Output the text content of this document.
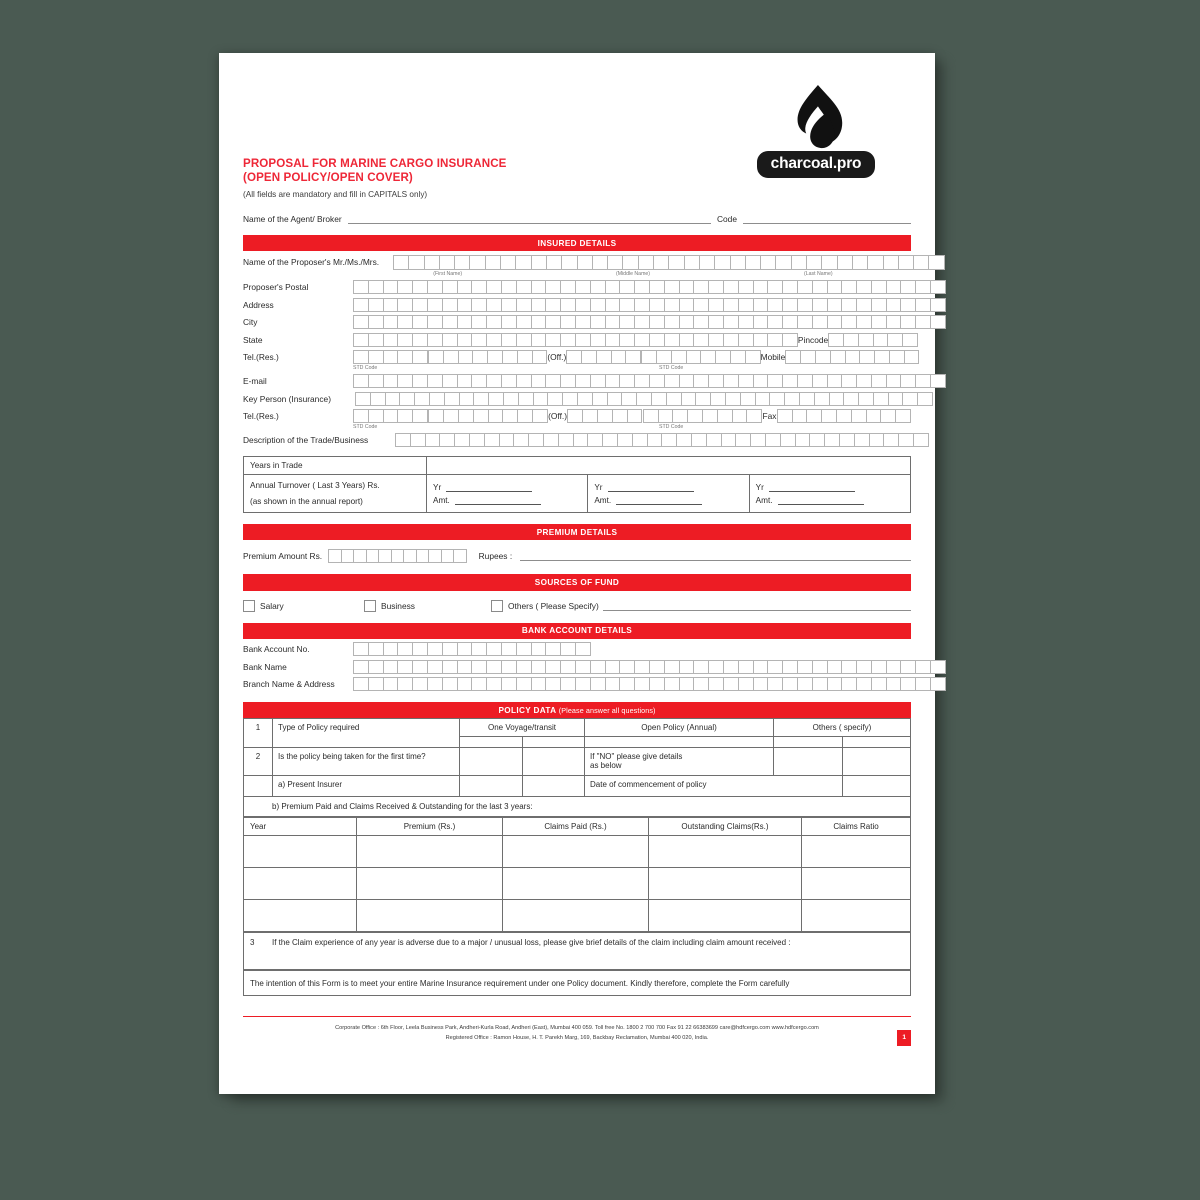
charcoal.pro
PROPOSAL FOR MARINE CARGO INSURANCE
(OPEN POLICY/OPEN COVER)
(All fields are mandatory and fill in CAPITALS only)
Name of the Agent/ Broker	Code
INSURED DETAILS
Name of the Proposer's Mr./Ms./Mrs.
(First Name)	(Middle Name)	(Last Name)
Proposer's Postal
Address
City
State	Pincode
Tel.(Res.)	(Off.)	Mobile
STD Code	STD Code
E-mail
Key Person (Insurance)
Tel.(Res.)	(Off.)	Fax
STD Code	STD Code
Description of the Trade/Business
Years in Trade			

Annual Turnover ( Last 3 Years) Rs.
(as shown in the annual report)

Yr
Amt.

Yr
Amt.

Yr
Amt.
PREMIUM DETAILS
Premium Amount Rs.	Rupees :
SOURCES OF FUND
Salary	Business	Others ( Please Specify)
BANK ACCOUNT DETAILS
Bank Account No.
Bank Name
Branch Name & Address
POLICY DATA (Please answer all questions)
1	Type of Policy required	One Voyage/transit		Open Policy (Annual)	Others ( specify)	

2	Is the policy being taken for the first time?			If "NO" please give details
as below		

	a) Present Insurer			Date of commencement of policy		
b) Premium Paid and Claims Received & Outstanding for the last 3 years:
Year	Premium (Rs.)	Claims Paid (Rs.)	Outstanding Claims(Rs.)	Claims Ratio

3 If the Claim experience of any year is adverse due to a major / unusual loss, please give brief details of the claim including claim amount received :
The intention of this Form is to meet your entire Marine Insurance requirement under one Policy document. Kindly therefore, complete the Form carefully
Corporate Office : 6th Floor, Leela Business Park, Andheri-Kurla Road, Andheri (East), Mumbai 400 059. Toll free No. 1800 2 700 700 Fax 91 22 66383699 care@hdfcergo.com www.hdfcergo.com
Registered Office : Ramon House, H. T. Parekh Marg, 169, Backbay Reclamation, Mumbai 400 020, India.	1
